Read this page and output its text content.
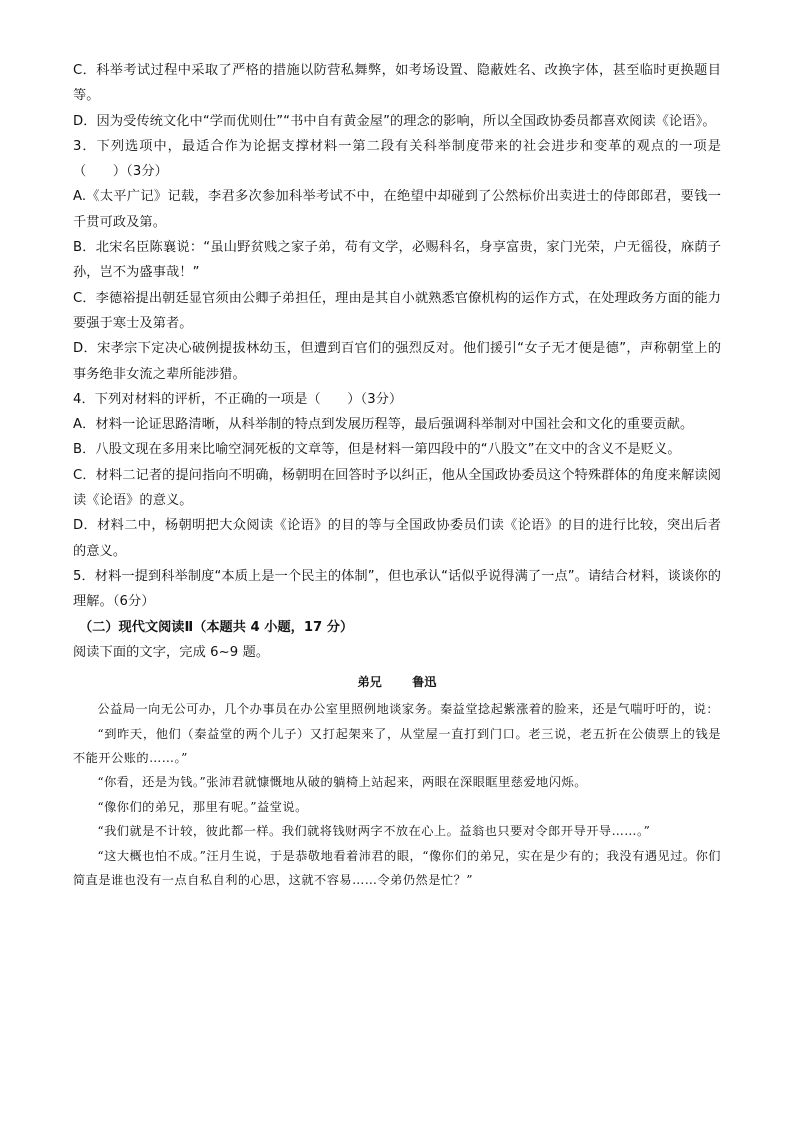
C．科举考试过程中采取了严格的措施以防营私舞弊，如考场设置、隐蔽姓名、改换字体，甚至临时更换题目等。

D．因为受传统文化中“学而优则仕”“书中自有黄金屋”的理念的影响，所以全国政协委员都喜欢阅读《论语》。

3．下列选项中，最适合作为论据支撑材料一第二段有关科举制度带来的社会进步和变革的观点的一项是（　　）（3分）

A.《太平广记》记载，李君多次参加科举考试不中，在绝望中却碰到了公然标价出卖进士的侍郎郎君，要钱一千贯可政及第。

B．北宋名臣陈襄说：“虽山野贫贱之家子弟，苟有文学，必赐科名，身享富贵，家门光荣，户无徭役，庥荫子孙，岂不为盛事哉！”

C．李德裕提出朝廷显官须由公卿子弟担任，理由是其自小就熟悉官僚机构的运作方式，在处理政务方面的能力要强于寒士及第者。

D．宋孝宗下定决心破例提拔林幼玉，但遭到百官们的强烈反对。他们援引“女子无才便是德”，声称朝堂上的事务绝非女流之辈所能涉猎。

4．下列对材料的评析，不正确的一项是（　　）（3分）

A．材料一论证思路清晰，从科举制的特点到发展历程等，最后强调科举制对中国社会和文化的重要贡献。

B．八股文现在多用来比喻空洞死板的文章等，但是材料一第四段中的“八股文”在文中的含义不是贬义。

C．材料二记者的提问指向不明确，杨朝明在回答时予以纠正，他从全国政协委员这个特殊群体的角度来解读阅读《论语》的意义。

D．材料二中，杨朝明把大众阅读《论语》的目的等与全国政协委员们读《论语》的目的进行比较，突出后者的意义。

5．材料一提到科举制度“本质上是一个民主的体制”，但也承认“话似乎说得满了一点”。请结合材料，谈谈你的理解。（6分）

（二）现代文阅读Ⅱ（本题共 4 小题，17 分）

阅读下面的文字，完成 6~9 题。

弟兄 鲁迅

公益局一向无公可办，几个办事员在办公室里照例地谈家务。秦益堂捻起紫涨着的脸来，还是气喘吁吁的，说：

“到昨天，他们（秦益堂的两个儿子）又打起架来了，从堂屋一直打到门口。老三说，老五折在公债票上的钱是不能开公账的……。”

“你看，还是为钱。”张沛君就慷慨地从破的躺椅上站起来，两眼在深眼眶里慈爱地闪烁。

“像你们的弟兄，那里有呢。”益堂说。

“我们就是不计较，彼此都一样。我们就将钱财两字不放在心上。益翁也只要对令郎开导开导……。”

“这大概也怕不成。”汪月生说，于是恭敬地看着沛君的眼，“像你们的弟兄，实在是少有的；我没有遇见过。你们简直是谁也没有一点自私自利的心思，这就不容易……令弟仍然是忙？”
